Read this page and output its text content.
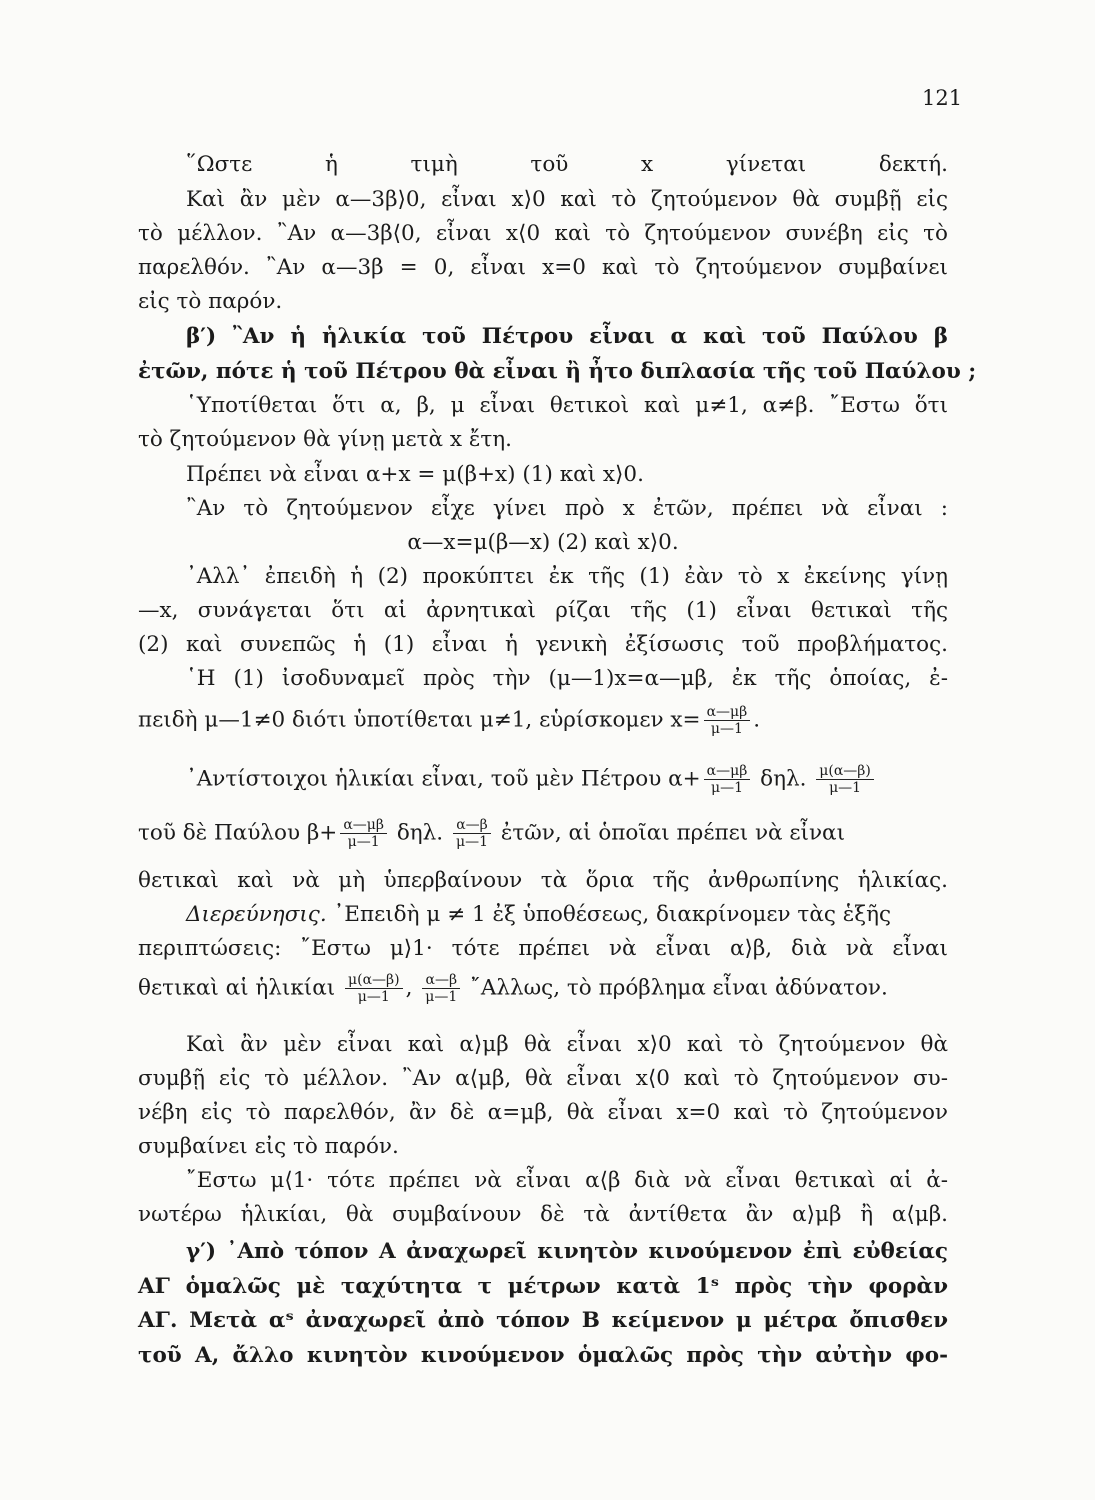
121
῞Ωστε ἡ τιμὴ τοῦ x γίνεται δεκτή.
Καὶ ἂν μὲν α—3β⟩0, εἶναι x⟩0 καὶ τὸ ζητούμενον θὰ συμβῇ εἰς
τὸ μέλλον. ῍Αν α—3β⟨0, εἶναι x⟨0 καὶ τὸ ζητούμενον συνέβη εἰς τὸ
παρελθόν. ῍Αν α—3β = 0, εἶναι x=0 καὶ τὸ ζητούμενον συμβαίνει
εἰς τὸ παρόν.
β′) ῍Αν ἡ ἡλικία τοῦ Πέτρου εἶναι α καὶ τοῦ Παύλου β
ἐτῶν, πότε ἡ τοῦ Πέτρου θὰ εἶναι ἢ ἦτο διπλασία τῆς τοῦ Παύλου ;
῾Υποτίθεται ὅτι α, β, μ εἶναι θετικοὶ καὶ μ≠1, α≠β. ῎Εστω ὅτι
τὸ ζητούμενον θὰ γίνῃ μετὰ x ἔτη.
Πρέπει νὰ εἶναι α+x = μ(β+x) (1) καὶ x⟩0.
῍Αν τὸ ζητούμενον εἶχε γίνει πρὸ x ἐτῶν, πρέπει νὰ εἶναι :
α—x=μ(β—x) (2) καὶ x⟩0.
᾿Αλλ᾽ ἐπειδὴ ἡ (2) προκύπτει ἐκ τῆς (1) ἐὰν τὸ x ἐκείνης γίνῃ
—x, συνάγεται ὅτι αἱ ἀρνητικαὶ ρίζαι τῆς (1) εἶναι θετικαὶ τῆς
(2) καὶ συνεπῶς ἡ (1) εἶναι ἡ γενικὴ ἐξίσωσις τοῦ προβλήματος.
῾Η (1) ἰσοδυναμεῖ πρὸς τὴν (μ—1)x=α—μβ, ἐκ τῆς ὁποίας, ἐ-
πειδὴ μ—1≠0 διότι ὑποτίθεται μ≠1, εὑρίσκομεν $x= \frac{\alpha—\mu\beta}{\mu—1}$ .
᾿Αντίστοιχοι ἡλικίαι εἶναι, τοῦ μὲν Πέτρου $\alpha+ \frac{\alpha—\mu\beta}{\mu—1} \delta\eta\lambda$. $\frac{\mu(\alpha—\beta)}{\mu—1}$
τοῦ δὲ Παύλου $\beta+ \frac{\alpha—\mu\beta}{\mu—1} \delta\eta\lambda$. $\frac{\alpha—\beta}{\mu—1}$ ἐτῶν, αἱ ὁποῖαι πρέπει νὰ εἶναι
θετικαὶ καὶ νὰ μὴ ὑπερβαίνουν τὰ ὅρια τῆς ἀνθρωπίνης ἡλικίας.
Διερεύνησις. ᾿Επειδὴ μ ≠ 1 ἐξ ὑποθέσεως, διακρίνομεν τὰς ἑξῆς
περιπτώσεις: ῎Εστω μ⟩1· τότε πρέπει νὰ εἶναι α⟩β, διὰ νὰ εἶναι
θετικαὶ αἱ ἡλικίαι $\frac{\mu(\alpha—\beta)}{\mu—1}$ , $\frac{\alpha—\beta}{\mu—1}$ ῎Αλλως, τὸ πρόβλημα εἶναι ἀδύνατον.
Καὶ ἂν μὲν εἶναι καὶ α⟩μβ θὰ εἶναι x⟩0 καὶ τὸ ζητούμενον θὰ
συμβῇ εἰς τὸ μέλλον. ῍Αν α⟨μβ, θὰ εἶναι x⟨0 καὶ τὸ ζητούμενον συ-
νέβη εἰς τὸ παρελθόν, ἂν δὲ α=μβ, θὰ εἶναι x=0 καὶ τὸ ζητούμενον
συμβαίνει εἰς τὸ παρόν.
῎Εστω μ⟨1· τότε πρέπει νὰ εἶναι α⟨β διὰ νὰ εἶναι θετικαὶ αἱ ἀ-
νωτέρω ἡλικίαι, θὰ συμβαίνουν δὲ τὰ ἀντίθετα ἂν α⟩μβ ἢ α⟨μβ.
γ′) ᾿Απὸ τόπον Α ἀναχωρεῖ κινητὸν κινούμενον ἐπὶ εὐθείας
ΑΓ ὁμαλῶς μὲ ταχύτητα τ μέτρων κατὰ 1ˢ πρὸς τὴν φορὰν
ΑΓ. Μετὰ αˢ ἀναχωρεῖ ἀπὸ τόπον Β κείμενον μ μέτρα ὄπισθεν
τοῦ Α, ἄλλο κινητὸν κινούμενον ὁμαλῶς πρὸς τὴν αὐτὴν φο-
